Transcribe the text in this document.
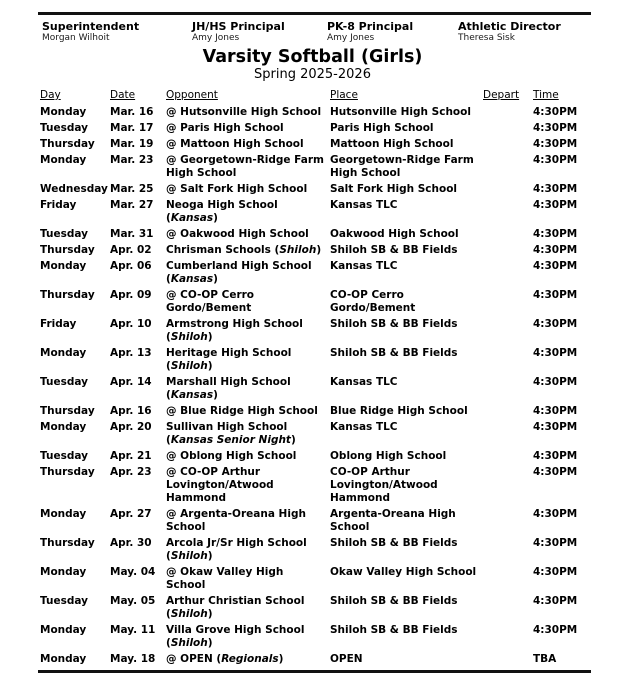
Superintendent
Morgan Wilhoit
JH/HS Principal
Amy Jones
PK-8 Principal
Amy Jones
Athletic Director
Theresa Sisk
Varsity Softball (Girls)
Spring 2025-2026
Day	Date	Opponent	Place	Depart	Time
Monday	Mar. 16	@ Hutsonville High School	Hutsonville High School		4:30PM
Tuesday	Mar. 17	@ Paris High School	Paris High School		4:30PM
Thursday	Mar. 19	@ Mattoon High School	Mattoon High School		4:30PM
Monday	Mar. 23	@ Georgetown-Ridge Farm High School	Georgetown-Ridge Farm High School		4:30PM
Wednesday	Mar. 25	@ Salt Fork High School	Salt Fork High School		4:30PM
Friday	Mar. 27	Neoga High School (Kansas)	Kansas TLC		4:30PM
Tuesday	Mar. 31	@ Oakwood High School	Oakwood High School		4:30PM
Thursday	Apr. 02	Chrisman Schools (Shiloh)	Shiloh SB & BB Fields		4:30PM
Monday	Apr. 06	Cumberland High School (Kansas)	Kansas TLC		4:30PM
Thursday	Apr. 09	@ CO-OP Cerro Gordo/Bement	CO-OP Cerro Gordo/Bement		4:30PM
Friday	Apr. 10	Armstrong High School (Shiloh)	Shiloh SB & BB Fields		4:30PM
Monday	Apr. 13	Heritage High School (Shiloh)	Shiloh SB & BB Fields		4:30PM
Tuesday	Apr. 14	Marshall High School (Kansas)	Kansas TLC		4:30PM
Thursday	Apr. 16	@ Blue Ridge High School	Blue Ridge High School		4:30PM
Monday	Apr. 20	Sullivan High School (Kansas Senior Night)	Kansas TLC		4:30PM
Tuesday	Apr. 21	@ Oblong High School	Oblong High School		4:30PM
Thursday	Apr. 23	@ CO-OP Arthur Lovington/Atwood Hammond	CO-OP Arthur Lovington/Atwood Hammond		4:30PM
Monday	Apr. 27	@ Argenta-Oreana High School	Argenta-Oreana High School		4:30PM
Thursday	Apr. 30	Arcola Jr/Sr High School (Shiloh)	Shiloh SB & BB Fields		4:30PM
Monday	May. 04	@ Okaw Valley High School	Okaw Valley High School		4:30PM
Tuesday	May. 05	Arthur Christian School (Shiloh)	Shiloh SB & BB Fields		4:30PM
Monday	May. 11	Villa Grove High School (Shiloh)	Shiloh SB & BB Fields		4:30PM
Monday	May. 18	@ OPEN (Regionals)	OPEN		TBA
